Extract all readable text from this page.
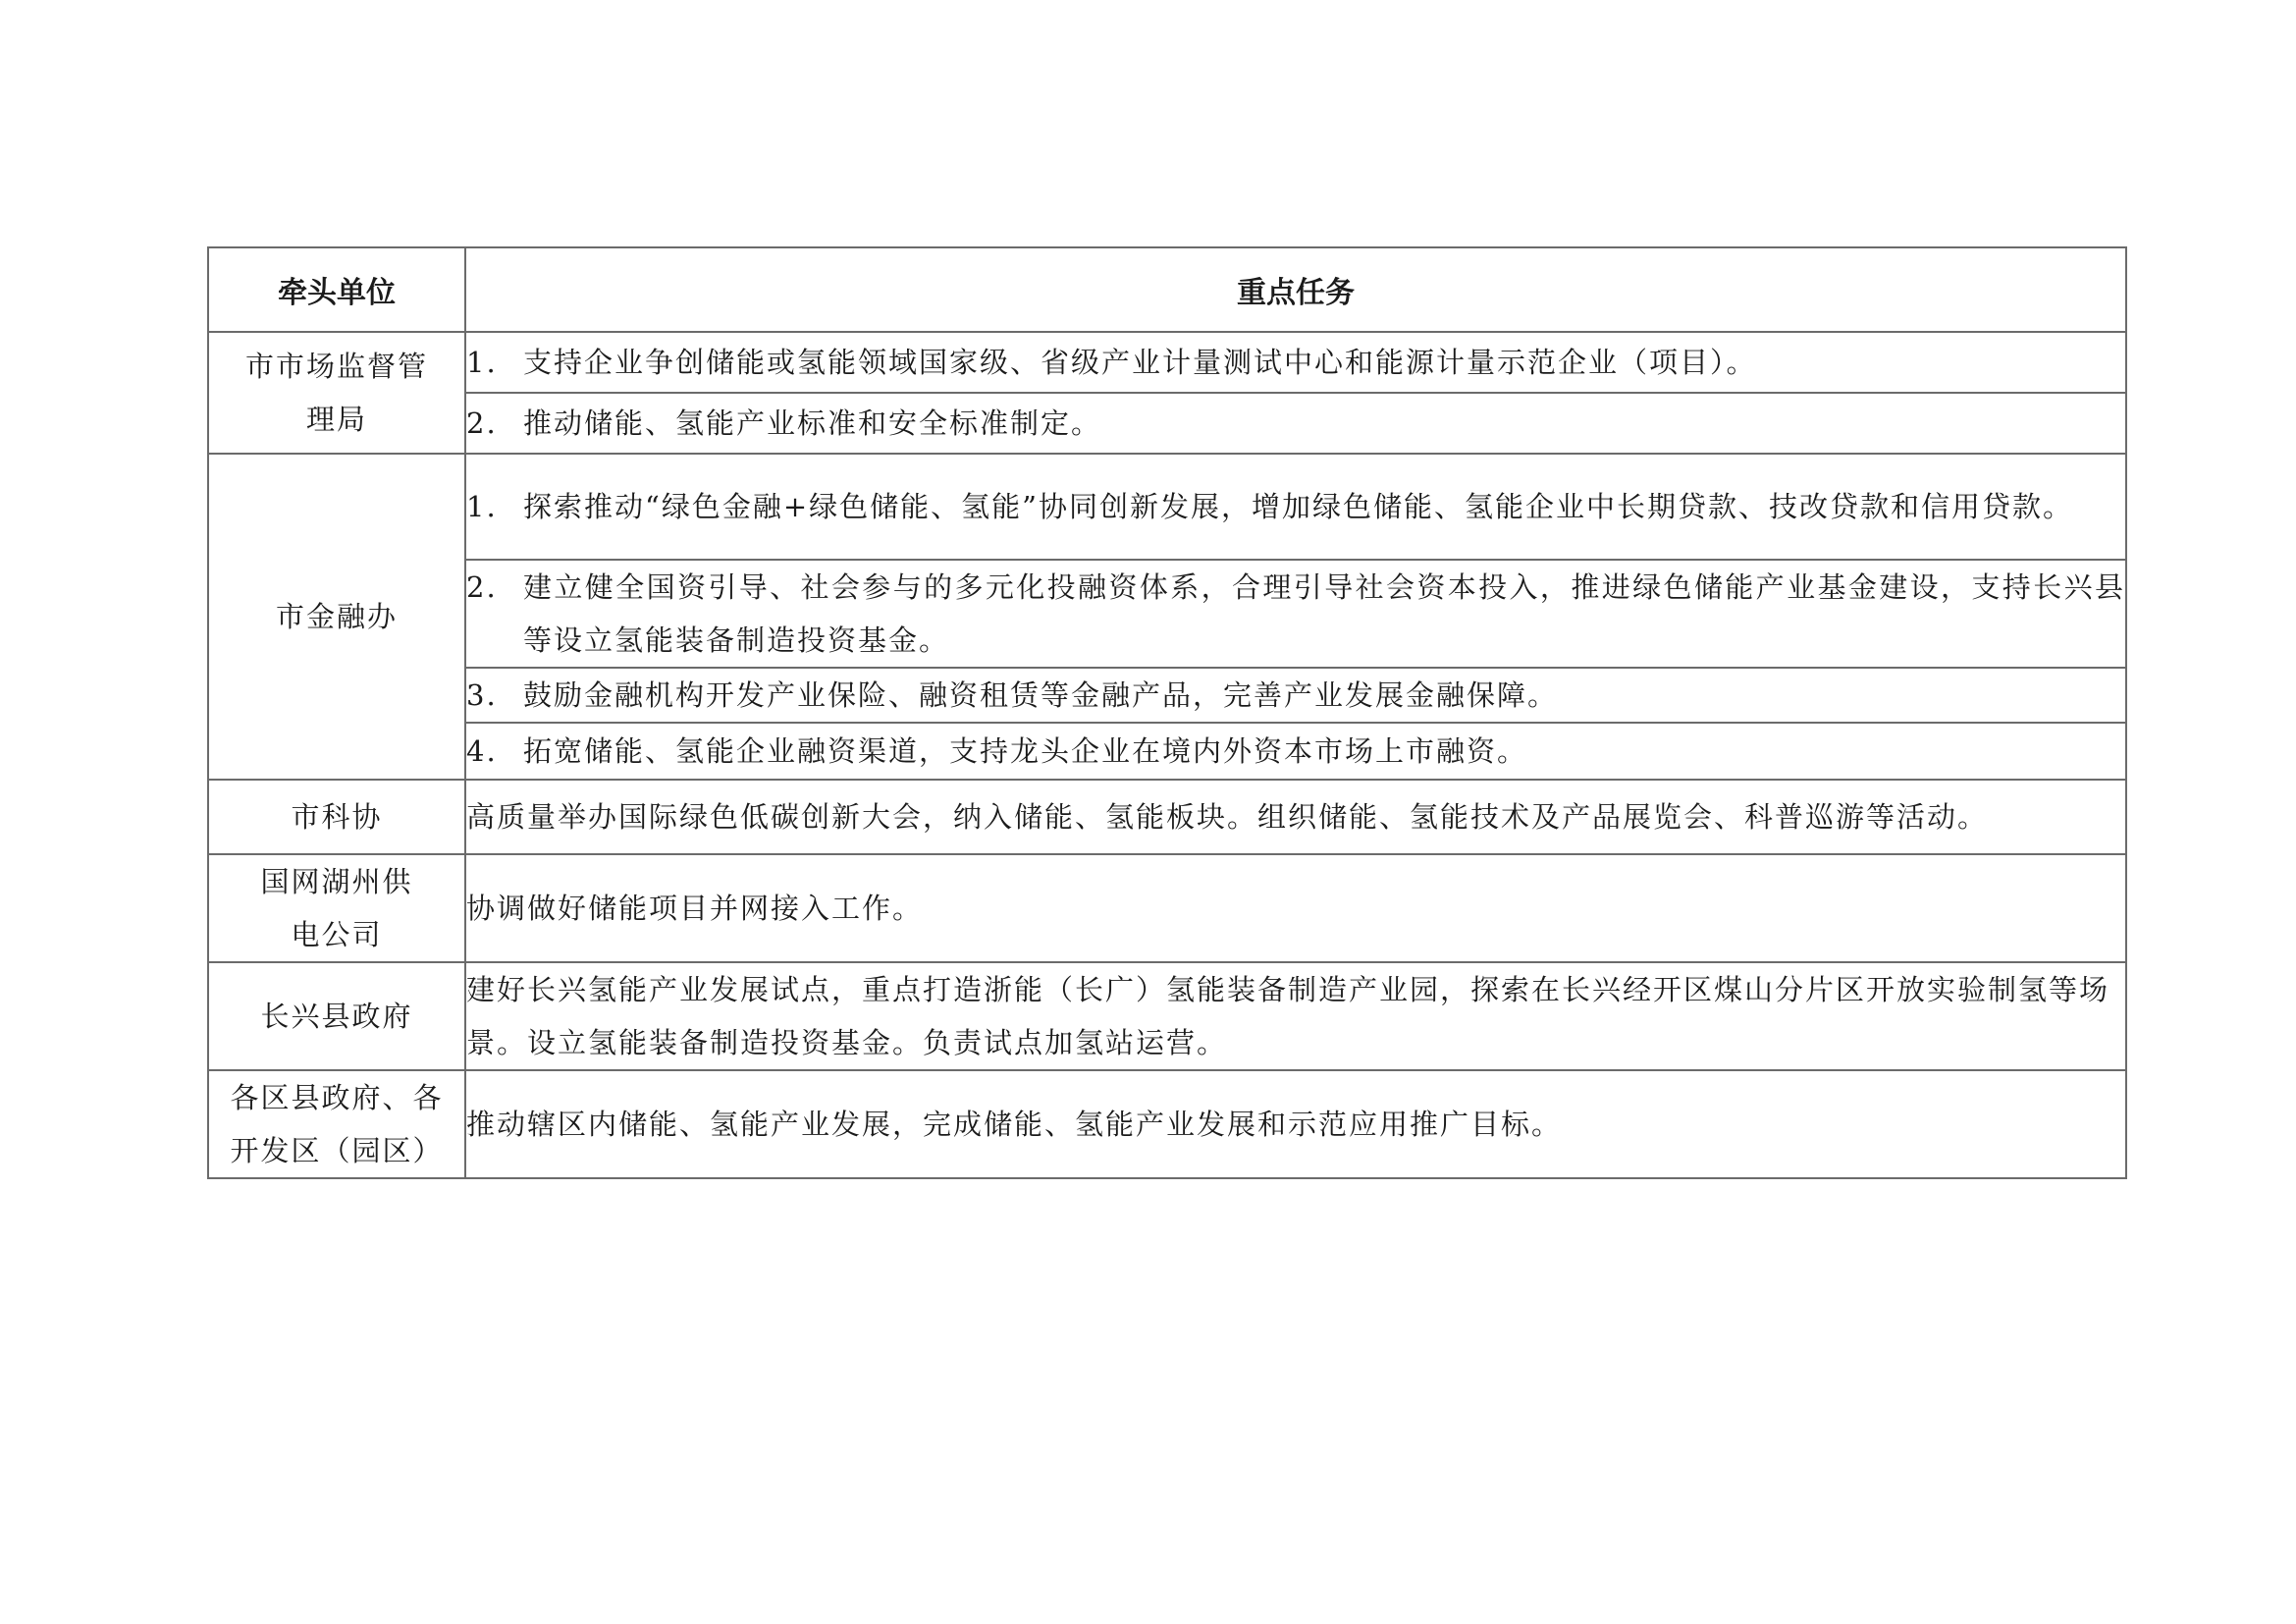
牵头单位	重点任务
市市场监督管理局	1. 支持企业争创储能或氢能领域国家级、省级产业计量测试中心和能源计量示范企业（项目）。

	2. 推动储能、氢能产业标准和安全标准制定。

市金融办	1. 探索推动“绿色金融+绿色储能、氢能”协同创新发展，增加绿色储能、氢能企业中长期贷款、技改贷款和信用贷款。

	2. 建立健全国资引导、社会参与的多元化投融资体系，合理引导社会资本投入，推进绿色储能产业基金建设，支持长兴县等设立氢能装备制造投资基金。

	3. 鼓励金融机构开发产业保险、融资租赁等金融产品，完善产业发展金融保障。

	4. 拓宽储能、氢能企业融资渠道，支持龙头企业在境内外资本市场上市融资。

市科协	高质量举办国际绿色低碳创新大会，纳入储能、氢能板块。组织储能、氢能技术及产品展览会、科普巡游等活动。
国网湖州供电公司	协调做好储能项目并网接入工作。
长兴县政府	建好长兴氢能产业发展试点，重点打造浙能（长广）氢能装备制造产业园，探索在长兴经开区煤山分片区开放实验制氢等场景。设立氢能装备制造投资基金。负责试点加氢站运营。
各区县政府、各开发区（园区）	推动辖区内储能、氢能产业发展，完成储能、氢能产业发展和示范应用推广目标。
